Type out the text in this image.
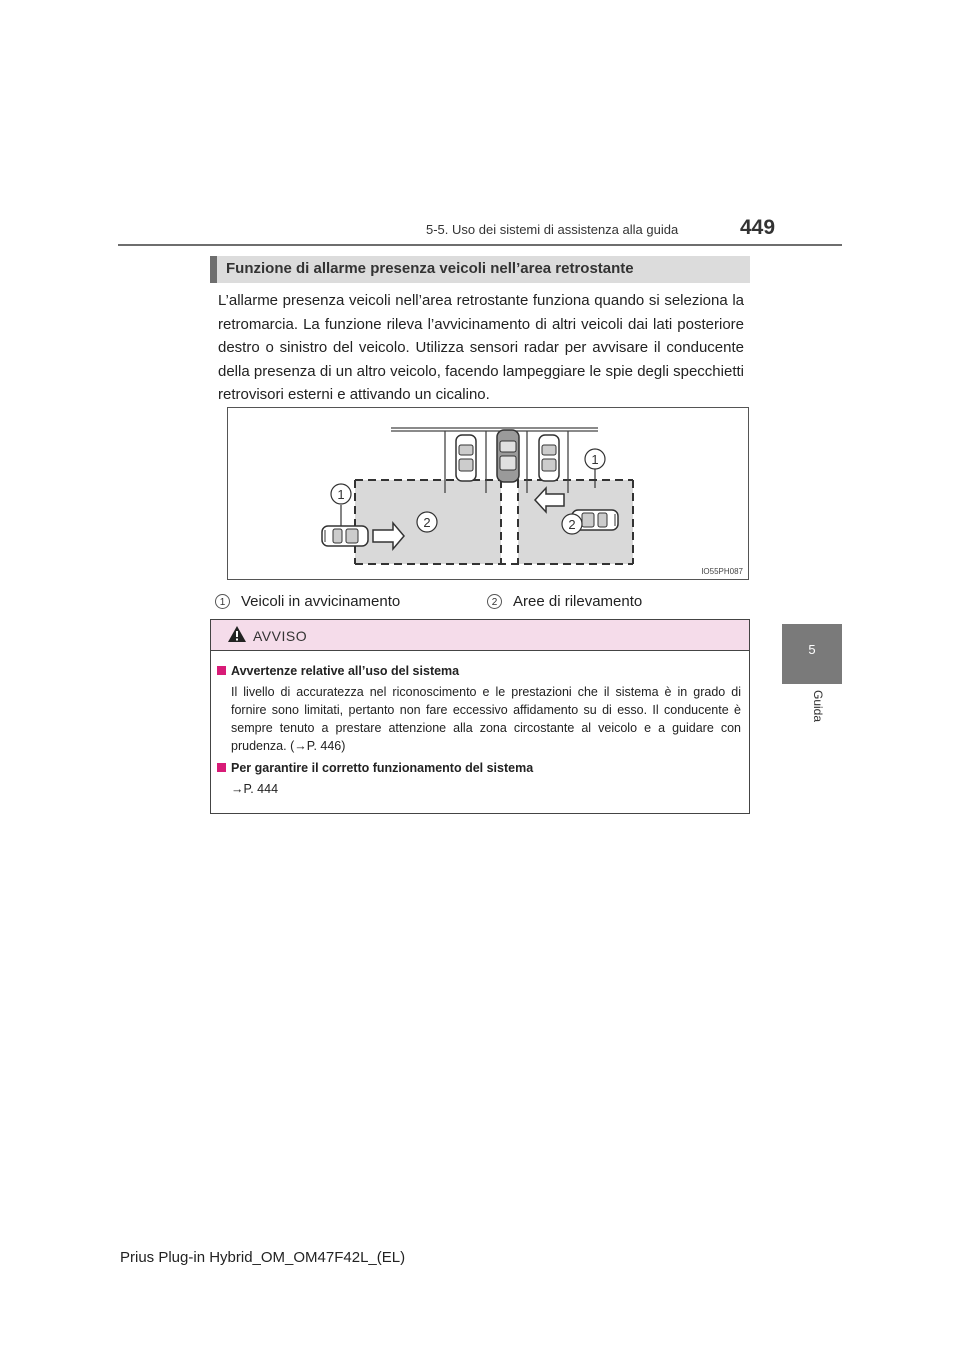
5-5. Uso dei sistemi di assistenza alla guida	449
5
Guida
Funzione di allarme presenza veicoli nell’area retrostante
L’allarme presenza veicoli nell’area retrostante funziona quando si seleziona la retromarcia. La funzione rileva l’avvicinamento di altri veicoli dai lati posteriore destro o sinistro del veicolo. Utilizza sensori radar per avvisare il conducente della presenza di un altro veicolo, facendo lampeggiare le spie degli specchietti retrovisori esterni e attivando un cicalino.
1
1
2	2
IO55PH087
1	Veicoli in avvicinamento	2	Aree di rilevamento
AVVISO
Avvertenze relative all’uso del sistema
Il livello di accuratezza nel riconoscimento e le prestazioni che il sistema è in grado di fornire sono limitati, pertanto non fare eccessivo affidamento su di esso. Il conducente è sempre tenuto a prestare attenzione alla zona circostante al veicolo e a guidare con prudenza. (→P. 446)
Per garantire il corretto funzionamento del sistema
→P. 444
Prius Plug-in Hybrid_OM_OM47F42L_(EL)
